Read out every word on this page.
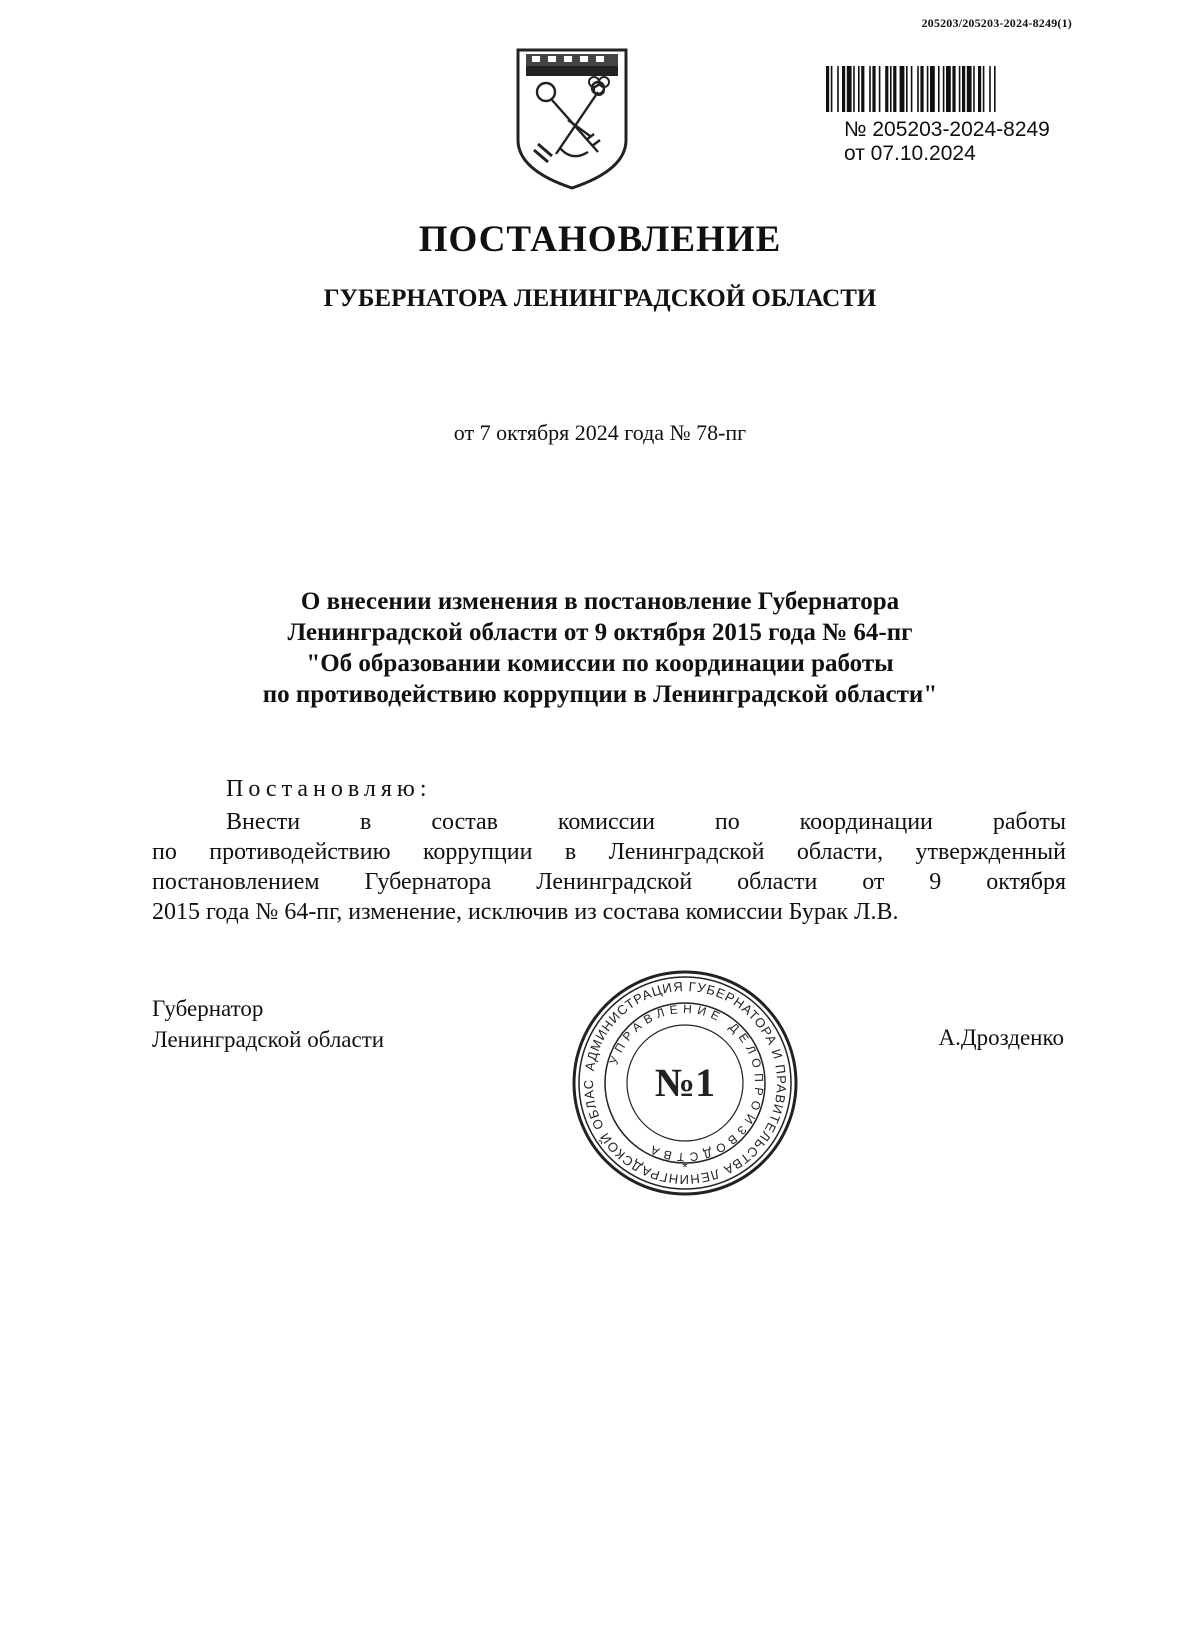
205203/205203-2024-8249(1)
№ 205203-2024-8249
от 07.10.2024
ПОСТАНОВЛЕНИЕ
ГУБЕРНАТОРА ЛЕНИНГРАДСКОЙ ОБЛАСТИ
от 7 октября 2024 года № 78-пг
О внесении изменения в постановление Губернатора
Ленинградской области от 9 октября 2015 года № 64-пг
"Об образовании комиссии по координации работы
по противодействию коррупции в Ленинградской области"
Постановляю:
Внести в состав комиссии по координации работы
по противодействию коррупции в Ленинградской области, утвержденный
постановлением Губернатора Ленинградской области от 9 октября
2015 года № 64-пг, изменение, исключив из состава комиссии Бурак Л.В.
Губернатор
Ленинградской области	А.Дрозденко
АДМИНИСТРАЦИЯ ГУБЕРНАТОРА И ПРАВИТЕЛЬСТВА ЛЕНИНГРАДСКОЙ ОБЛАС
УПРАВЛЕНИЕ ДЕЛОПРОИЗВОДСТВА
№1
*
